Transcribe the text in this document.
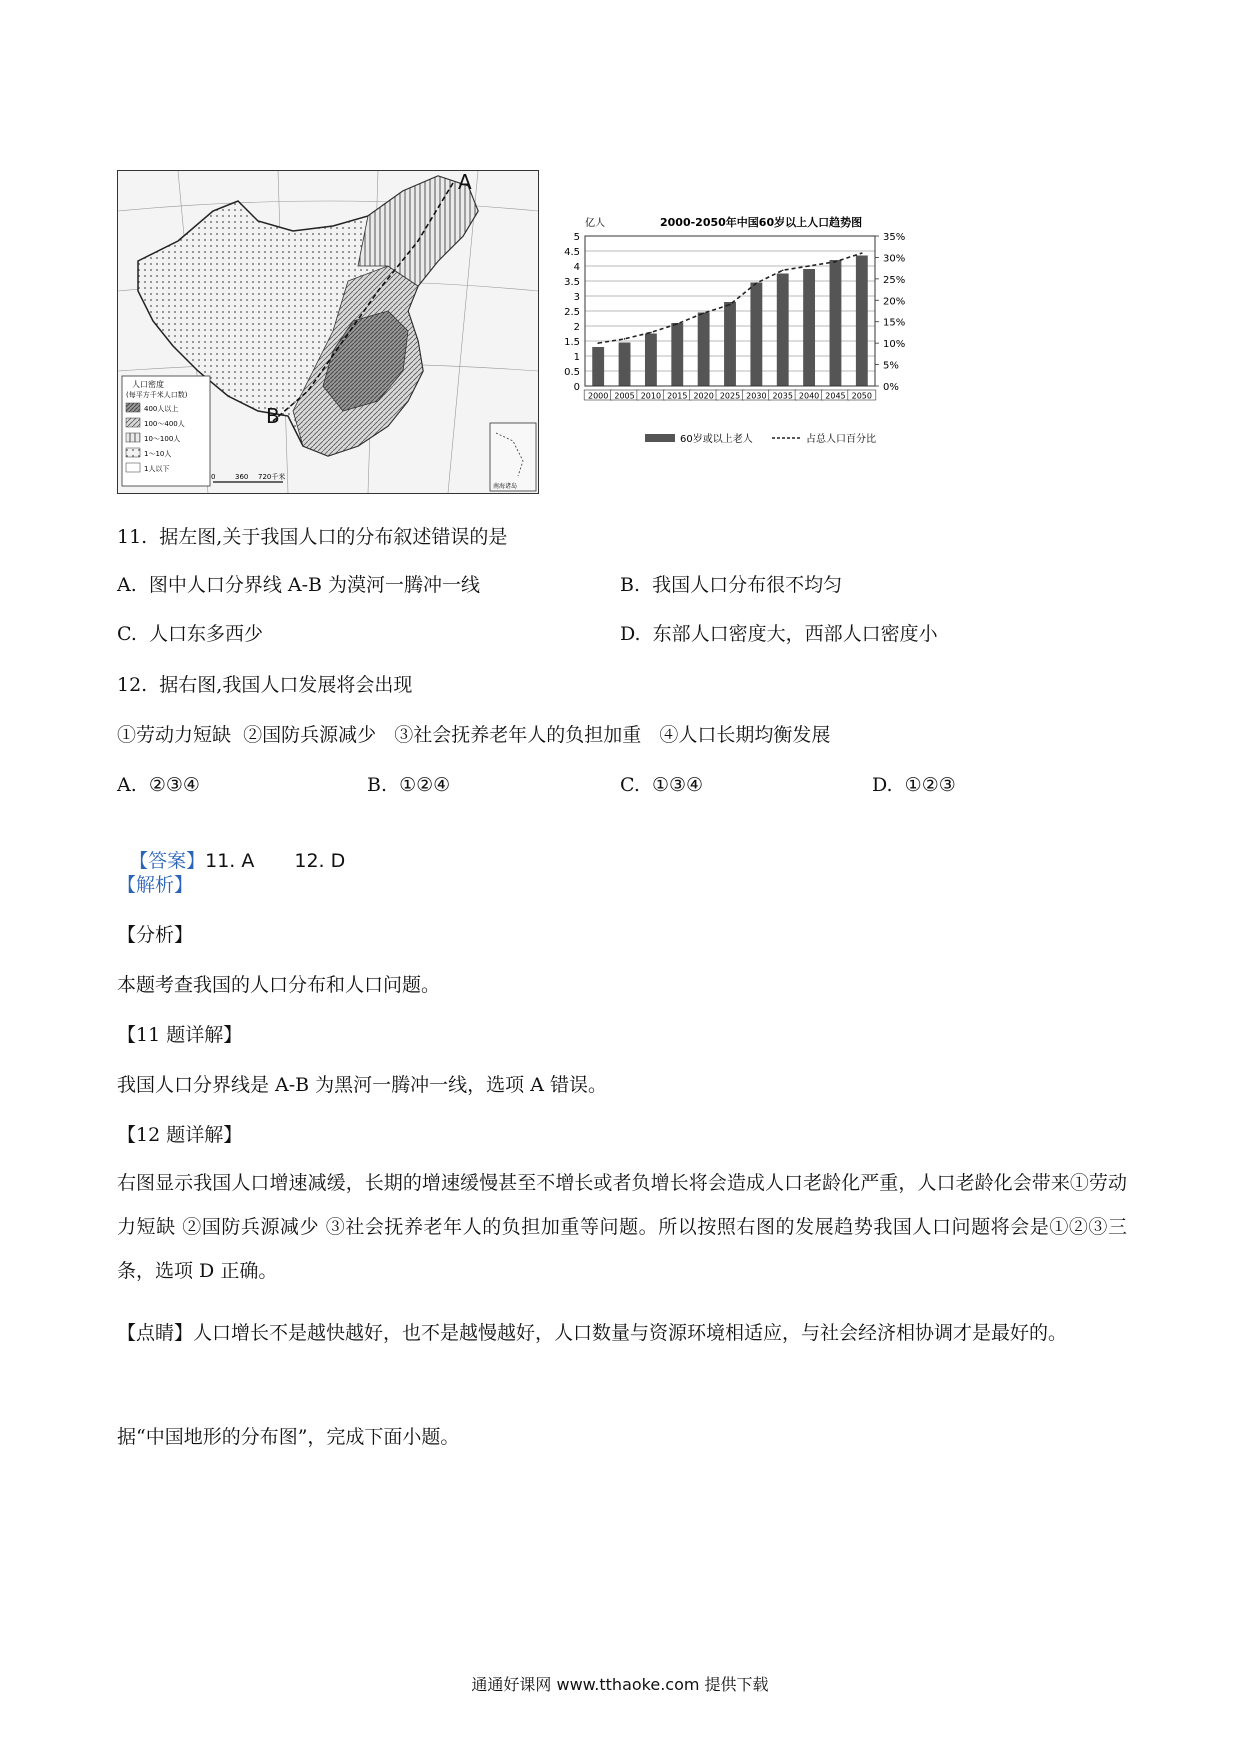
A
B
人口密度
(每平方千米人口数)
400人以上
100～400人
10～100人
1～10人
1人以下
0	360 720千米
南海诸岛
亿人	2000-2050年中国60岁以上人口趋势图
0
0.5
1
1.5
2
2.5
3
3.5
4
4.5
5
0%
5%
10%
15%
20%
25%
30%
35%
2000 2005 2010 2015 2020 2025 2030 2035 2040 2045 2050
60岁或以上老人	占总人口百分比
11.  据左图,关于我国人口的分布叙述错误的是
A.  图中人口分界线 A-B 为漠河一腾冲一线	B.  我国人口分布很不均匀
C.  人口东多西少	D.  东部人口密度大，西部人口密度小
12.  据右图,我国人口发展将会出现
①劳动力短缺  ②国防兵源减少   ③社会抚养老年人的负担加重   ④人口长期均衡发展
A.  ②③④	B.  ①②④	C.  ①③④	D.  ①②③

【答案】11. A 12. D

【解析】
【分析】
本题考查我国的人口分布和人口问题。
【11 题详解】
我国人口分界线是 A-B 为黑河一腾冲一线，选项 A 错误。
【12 题详解】
右图显示我国人口增速减缓，长期的增速缓慢甚至不增长或者负增长将会造成人口老龄化严重，人口老龄化会带来①劳动力短缺 ②国防兵源减少 ③社会抚养老年人的负担加重等问题。所以按照右图的发展趋势我国人口问题将会是①②③三条，选项 D 正确。
【点睛】人口增长不是越快越好，也不是越慢越好，人口数量与资源环境相适应，与社会经济相协调才是最好的。
据“中国地形的分布图”，完成下面小题。
通通好课网 www.tthaoke.com 提供下载
